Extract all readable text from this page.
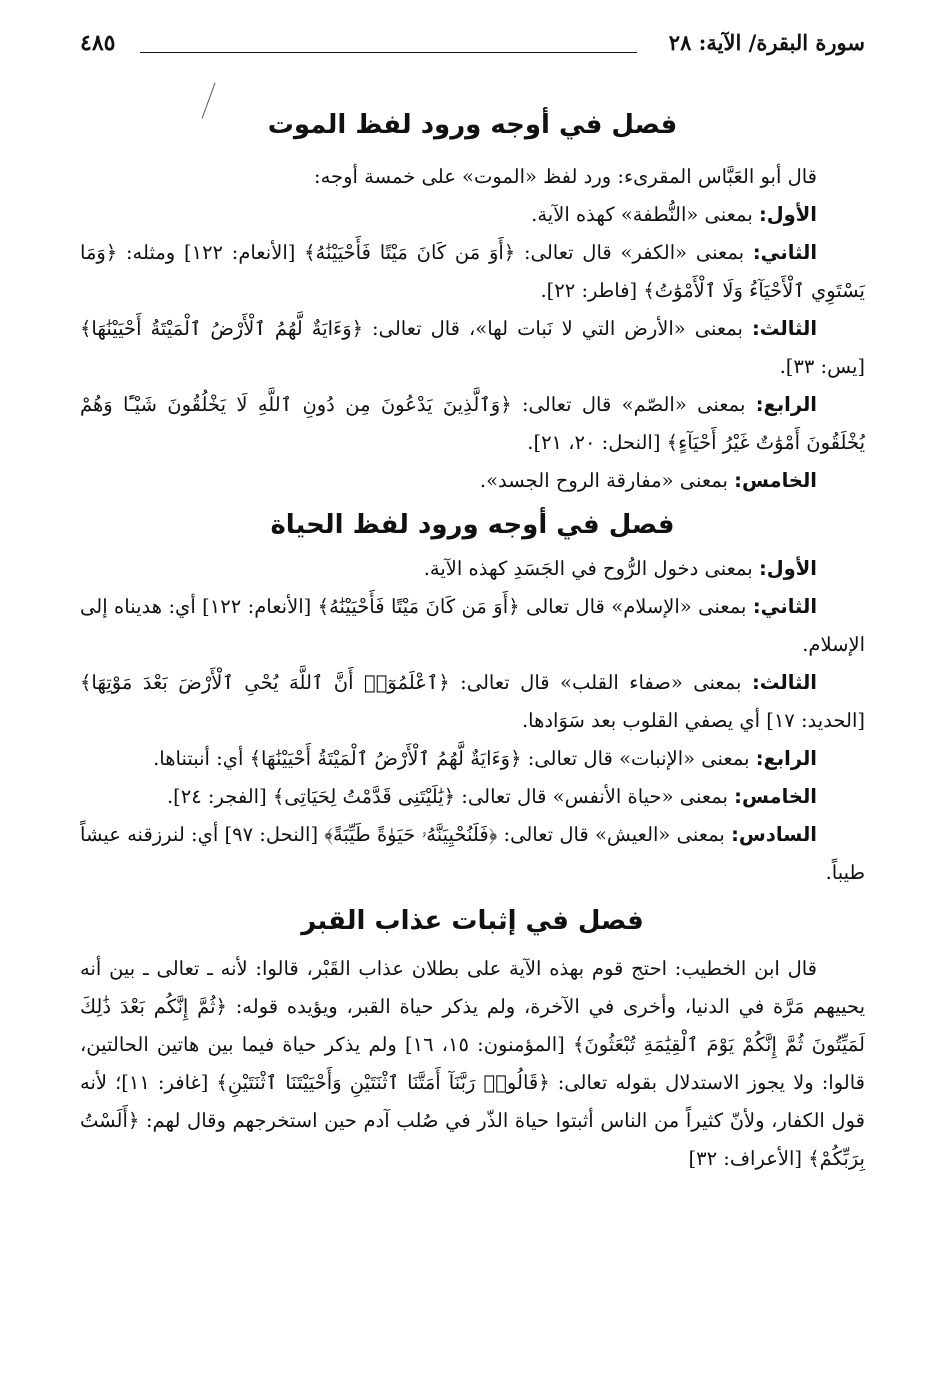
سورة البقرة/ الآية: ٢٨
٤٨٥
فصل في أوجه ورود لفظ الموت

قال أبو العَبَّاس المقرىء: ورد لفظ «الموت» على خمسة أوجه:

الأول: بمعنى «النُّطفة» كهذه الآية.

الثاني: بمعنى «الكفر» قال تعالى: ﴿أَوَ مَن كَانَ مَيْتًا فَأَحْيَيْنَٰهُ﴾ [الأنعام: ١٢٢] ومثله: ﴿وَمَا يَسْتَوِي ٱلْأَحْيَآءُ وَلَا ٱلْأَمْوَٰتُ﴾ [فاطر: ٢٢].

الثالث: بمعنى «الأرض التي لا نَبات لها»، قال تعالى: ﴿وَءَايَةٌ لَّهُمُ ٱلْأَرْضُ ٱلْمَيْتَةُ أَحْيَيْنَٰهَا﴾ [يس: ٣٣].

الرابع: بمعنى «الصّم» قال تعالى: ﴿وَٱلَّذِينَ يَدْعُونَ مِن دُونِ ٱللَّهِ لَا يَخْلُقُونَ شَيْـًٔا وَهُمْ يُخْلَقُونَ أَمْوَٰتٌ غَيْرُ أَحْيَآءٍ﴾ [النحل: ٢٠، ٢١].

الخامس: بمعنى «مفارقة الروح الجسد».

فصل في أوجه ورود لفظ الحياة

الأول: بمعنى دخول الرُّوح في الجَسَدِ كهذه الآية.

الثاني: بمعنى «الإسلام» قال تعالى ﴿أَوَ مَن كَانَ مَيْتًا فَأَحْيَيْنَٰهُ﴾ [الأنعام: ١٢٢] أي: هديناه إلى الإسلام.

الثالث: بمعنى «صفاء القلب» قال تعالى: ﴿ٱعْلَمُوٓا۟ أَنَّ ٱللَّهَ يُحْىِ ٱلْأَرْضَ بَعْدَ مَوْتِهَا﴾ [الحديد: ١٧] أي يصفي القلوب بعد سَوَادها.

الرابع: بمعنى «الإنبات» قال تعالى: ﴿وَءَايَةٌ لَّهُمُ ٱلْأَرْضُ ٱلْمَيْتَةُ أَحْيَيْنَٰهَا﴾ أي: أنبتناها.

الخامس: بمعنى «حياة الأنفس» قال تعالى: ﴿يَٰلَيْتَنِى قَدَّمْتُ لِحَيَاتِى﴾ [الفجر: ٢٤].

السادس: بمعنى «العيش» قال تعالى: ﴿فَلَنُحْيِيَنَّهُۥ حَيَوٰةً طَيِّبَةً﴾ [النحل: ٩٧] أي: لنرزقنه عيشاً طيباً.

فصل في إثبات عذاب القبر

قال ابن الخطيب: احتج قوم بهذه الآية على بطلان عذاب القَبْر، قالوا: لأنه ـ تعالى ـ بين أنه يحييهم مَرَّة في الدنيا، وأخرى في الآخرة، ولم يذكر حياة القبر، ويؤيده قوله: ﴿ثُمَّ إِنَّكُم بَعْدَ ذَٰلِكَ لَمَيِّتُونَ ثُمَّ إِنَّكُمْ يَوْمَ ٱلْقِيَٰمَةِ تُبْعَثُونَ﴾ [المؤمنون: ١٥، ١٦] ولم يذكر حياة فيما بين هاتين الحالتين، قالوا: ولا يجوز الاستدلال بقوله تعالى: ﴿قَالُوا۟ رَبَّنَآ أَمَتَّنَا ٱثْنَتَيْنِ وَأَحْيَيْتَنَا ٱثْنَتَيْنِ﴾ [غافر: ١١]؛ لأنه قول الكفار، ولأنّ كثيراً من الناس أثبتوا حياة الذّر في صُلب آدم حين استخرجهم وقال لهم: ﴿أَلَسْتُ بِرَبِّكُمْ﴾ [الأعراف: ٣٢]
